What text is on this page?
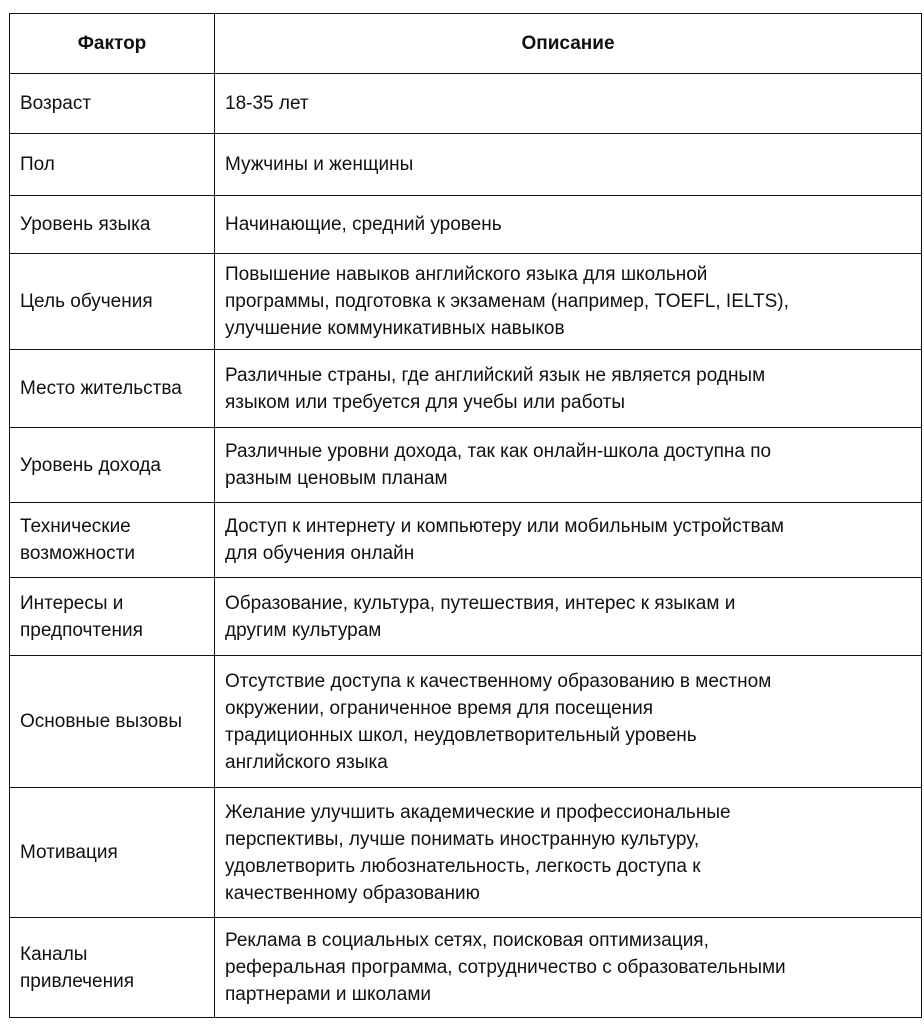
Фактор	Описание

Возраст	18-35 лет

Пол	Мужчины и женщины

Уровень языка	Начинающие, средний уровень

Цель обучения	Повышение навыков английского языка для школьной
программы, подготовка к экзаменам (например, TOEFL, IELTS),
улучшение коммуникативных навыков

Место жительства	Различные страны, где английский язык не является родным
языком или требуется для учебы или работы

Уровень дохода	Различные уровни дохода, так как онлайн-школа доступна по
разным ценовым планам

Технические
возможности	Доступ к интернету и компьютеру или мобильным устройствам
для обучения онлайн

Интересы и
предпочтения	Образование, культура, путешествия, интерес к языкам и
другим культурам

Основные вызовы	Отсутствие доступа к качественному образованию в местном
окружении, ограниченное время для посещения
традиционных школ, неудовлетворительный уровень
английского языка

Мотивация	Желание улучшить академические и профессиональные
перспективы, лучше понимать иностранную культуру,
удовлетворить любознательность, легкость доступа к
качественному образованию

Каналы
привлечения	Реклама в социальных сетях, поисковая оптимизация,
реферальная программа, сотрудничество с образовательными
партнерами и школами
